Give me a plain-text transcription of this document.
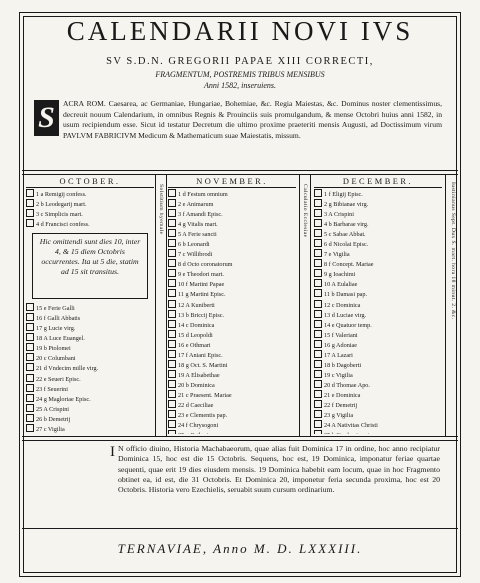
CALENDARII NOVI IVS
SV S.D.N. GREGORII PAPAE XIII CORRECTI,
FRAGMENTUM, POSTREMIS TRIBUS MENSIBUS
Anni 1582, inseruiens.
S	ACRA ROM. Caesarea, ac Germaniae, Hungariae, Bohemiae, &c. Regia Maiestas, &c. Dominus noster clementissimus, decreuit nouum Calendarium, in omnibus Regnis & Prouinciis suis promulgandum, & mense Octobri huius anni 1582, in usum recipiendum esse. Sicut id testatur Decretum die ultimo proxime praeteriti mensis Augusti, ad Doctissimum virum PAVLVM FABRICIVM Medicum & Mathematicum suae Maiestatis, missum.
Solstitium hyemale	Calculatio Ecclesiae	Iustinianus Sept. Dux S. mart. hora 18 minut. 2. &c.
OCTOBER.
1 a Remigij confess.
2 b Leodegarij mart.
3 c Simplicis mart.
4 d Francisci confess.
Hic omittendi sunt dies 10, inter 4, & 15 diem Octobris occurrentes. Ita ut 5 die, statim ad 15 sit transitus.
15 e Ferie Galli
16 f Galli Abbatis
17 g Lucie virg.
18 A Luce Euangel.
19 b Ptolomei
20 c Columbani
21 d Vndecim mille virg.
22 e Seueri Episc.
23 f Seuerini
24 g Magloriae Episc.
25 A Crispini
26 b Demetrij
27 c Vigilia
NOVEMBER.
1 d Festum omnium
2 e Animarum
3 f Amandi Episc.
4 g Vitalis mart.
5 A Ferie sancti
6 b Leonardi
7 c Willibrodi
8 d Octo coronatorum
9 e Theodori mart.
10 f Martini Papae
11 g Martini Episc.
12 A Kuniberti
13 b Briccij Episc.
14 c Dominica
15 d Leopoldi
16 e Othmari
17 f Aniani Episc.
18 g Oct. S. Martini
19 A Elisabethae
20 b Dominica
21 c Praesent. Mariae
22 d Caeciliae
23 e Clementis pap.
24 f Chrysogoni
DECEMBER.
1 f Eligij Episc.
2 g Bibianae virg.
3 A Crispini
4 b Barbarae virg.
5 c Sabae Abbat.
6 d Nicolai Episc.
7 e Vigilia
8 f Concept. Mariae
9 g Ioachimi
10 A Eulaliae
11 b Damasi pap.
12 c Dominica
13 d Luciae virg.
14 e Quatuor temp.
15 f Valeriani
16 g Adoniae
17 A Lazari
18 b Dagoberti
19 c Vigilia
20 d Thomae Apo.
21 e Dominica
22 f Demetrij
23 g Vigilia
24 A Nativitas Christi
I N officio diuino, Historia Machabaeorum, quae alias fuit Dominica 17 in ordine, hoc anno recipiatur Dominica 15, hoc est die 15 Octobris. Sequens, hoc est, 19 Dominica, imponatur feriae quartae sequenti, quae erit 19 dies eiusdem mensis. 19 Dominica habebit eam locum, quae in hoc Fragmento obtinet ea, id est, die 31 Octobris. Et Dominica 20, imponetur feria secunda proxima, hoc est 20 Octobris. Historia vero Ezechielis, seruabit suum cursum ordinarium.
TERNAVIAE, Anno M. D. LXXXIII.
